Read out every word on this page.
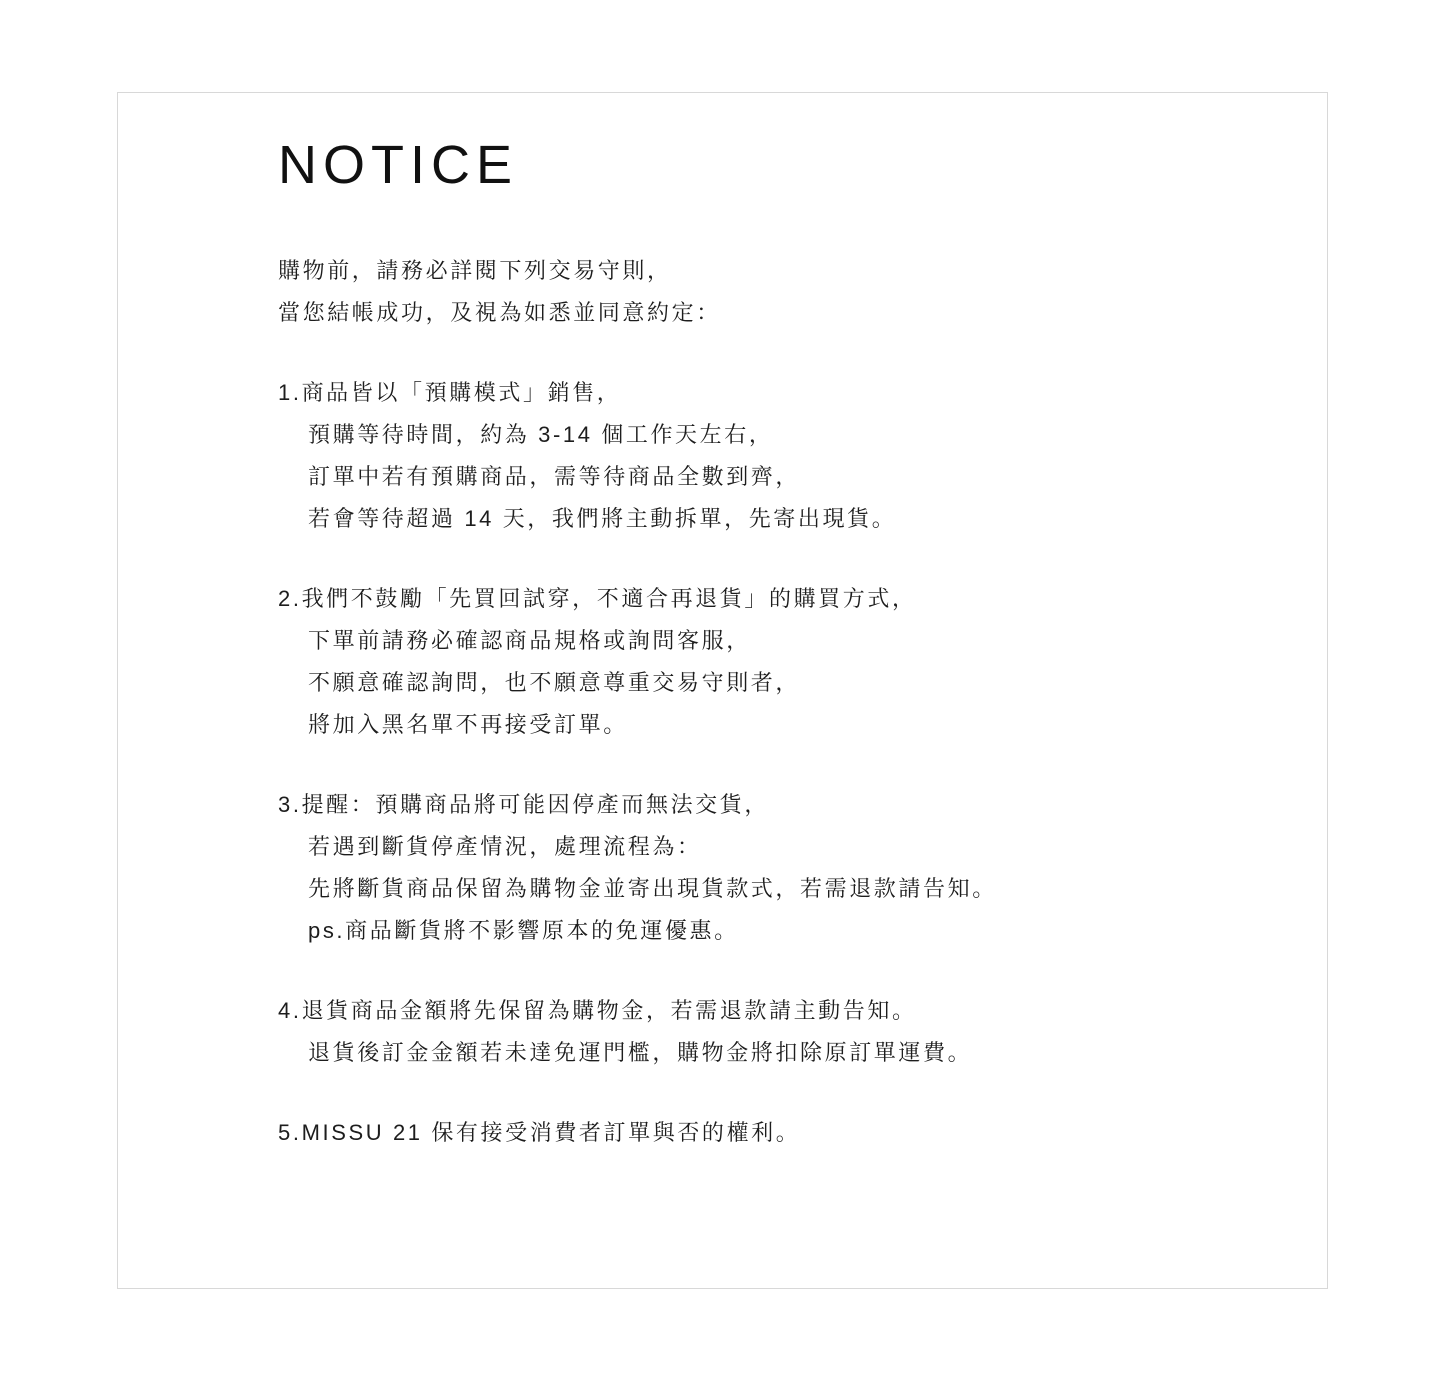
NOTICE
購物前，請務必詳閱下列交易守則，
當您結帳成功，及視為如悉並同意約定：
1.商品皆以「預購模式」銷售，
預購等待時間，約為 3-14 個工作天左右，
訂單中若有預購商品，需等待商品全數到齊，
若會等待超過 14 天，我們將主動拆單，先寄出現貨。
2.我們不鼓勵「先買回試穿，不適合再退貨」的購買方式，
下單前請務必確認商品規格或詢問客服，
不願意確認詢問，也不願意尊重交易守則者，
將加入黑名單不再接受訂單。
3.提醒：預購商品將可能因停產而無法交貨，
若遇到斷貨停產情況，處理流程為：
先將斷貨商品保留為購物金並寄出現貨款式，若需退款請告知。
ps.商品斷貨將不影響原本的免運優惠。
4.退貨商品金額將先保留為購物金，若需退款請主動告知。
退貨後訂金金額若未達免運門檻，購物金將扣除原訂單運費。
5.MISSU 21 保有接受消費者訂單與否的權利。
